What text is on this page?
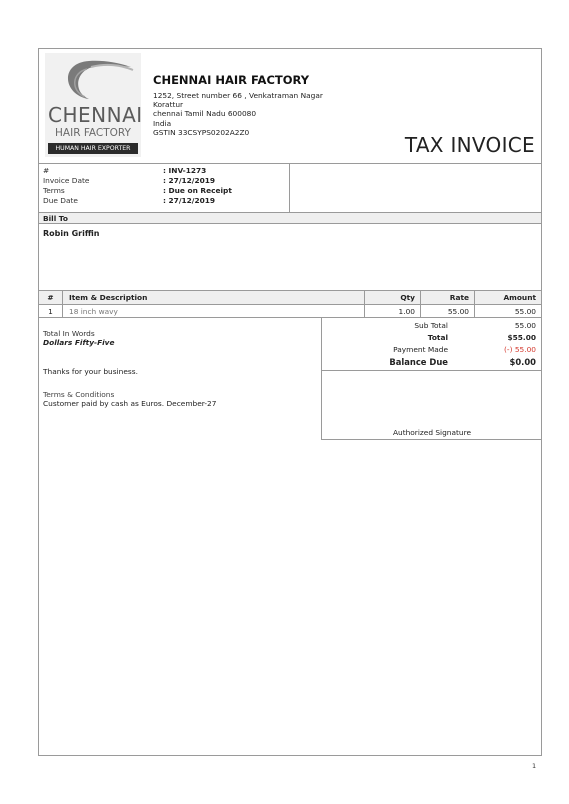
CHENNAI
HAIR FACTORY
HUMAN HAIR EXPORTER
CHENNAI HAIR FACTORY
1252, Street number 66 , Venkatraman Nagar
Korattur
chennai Tamil Nadu 600080
India
GSTIN 33CSYPS0202A2Z0
TAX INVOICE
#	: INV-1273
Invoice Date	: 27/12/2019
Terms	: Due on Receipt
Due Date	: 27/12/2019
Bill To
Robin Griffin
#	Item & Description	Qty	Rate	Amount
1	18 inch wavy	1.00	55.00	55.00
Total In Words
Dollars Fifty-Five
Thanks for your business.
Terms & Conditions
Customer paid by cash as Euros. December-27
Sub Total	55.00
Total	$55.00
Payment Made	(-) 55.00
Balance Due	$0.00
Authorized Signature
1
